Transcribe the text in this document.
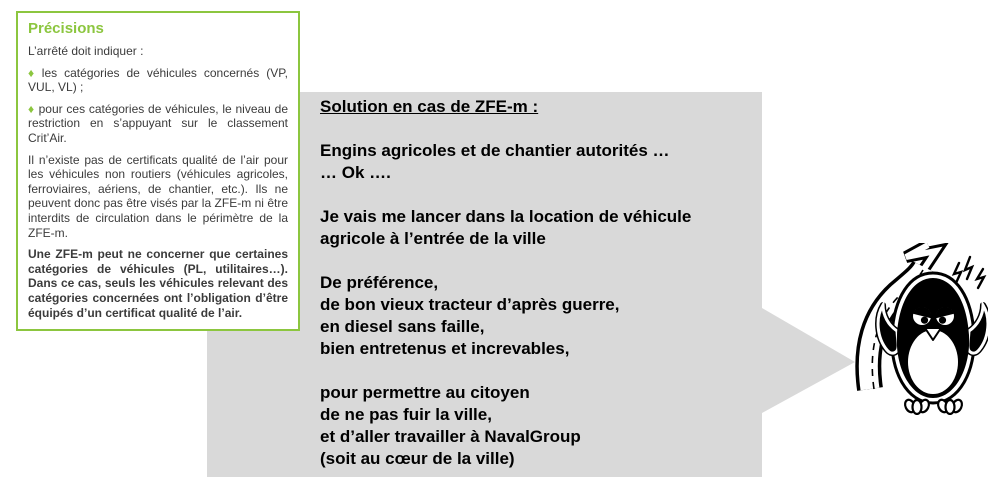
Solution en cas de ZFE-m :
Engins agricoles et de chantier autorités …
… Ok ….
Je vais me lancer dans la location de véhicule
agricole à l’entrée de la ville
De préférence,
de bon vieux tracteur d’après guerre,
en diesel sans faille,
bien entretenus et increvables,
pour permettre au citoyen
de ne pas fuir la ville,
et d’aller travailler à NavalGroup
(soit au cœur de la ville)
Précisions

L’arrêté doit indiquer :

♦ les catégories de véhicules concernés (VP, VUL, VL) ;

♦ pour ces catégories de véhicules, le niveau de restriction en s’appuyant sur le classement Crit’Air.

Il n’existe pas de certificats qualité de l’air pour les véhicules non routiers (véhicules agricoles, ferroviaires, aériens, de chantier, etc.). Ils ne peuvent donc pas être visés par la ZFE-m ni être interdits de circulation dans le périmètre de la ZFE-m.

Une ZFE-m peut ne concerner que certaines catégories de véhicules (PL, utilitaires…). Dans ce cas, seuls les véhicules relevant des catégories concernées ont l’obligation d’être équipés d’un certificat qualité de l’air.
